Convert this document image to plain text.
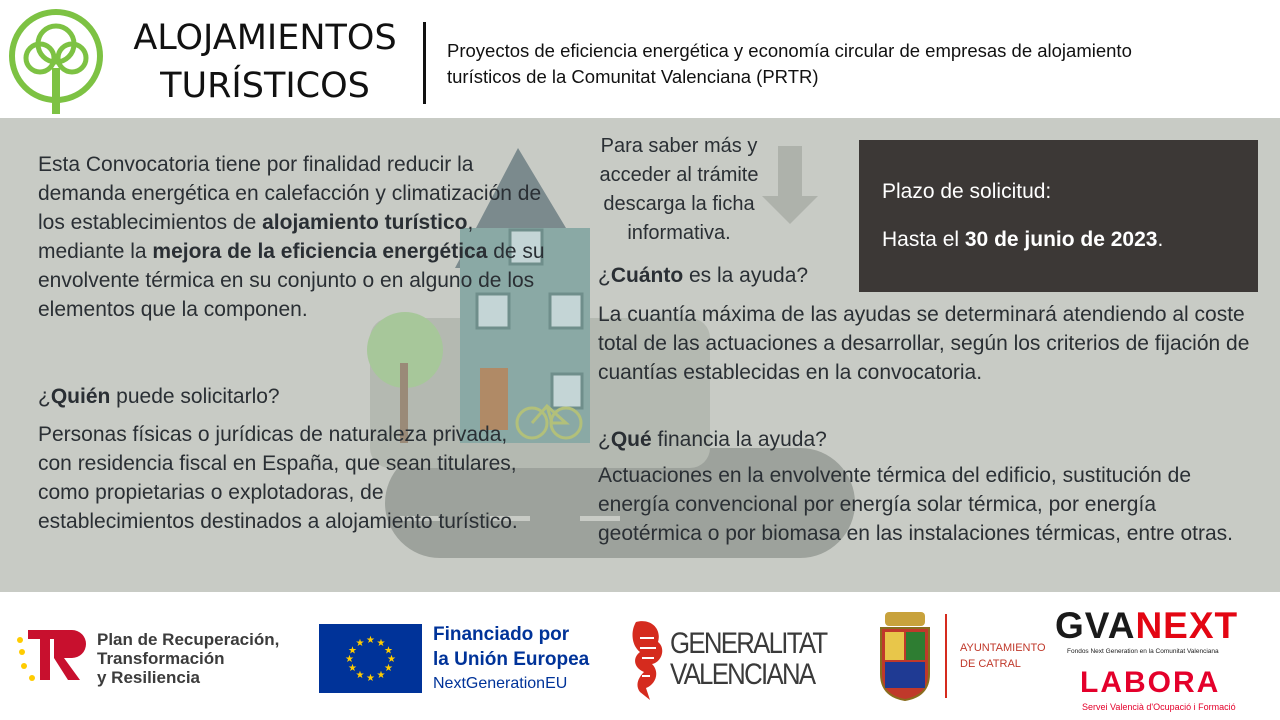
ALOJAMIENTOS
TURÍSTICOS
Proyectos de eficiencia energética y economía circular de empresas de alojamiento
turísticos de la Comunitat Valenciana (PRTR)
Esta Convocatoria tiene por finalidad reducir la demanda energética en calefacción y climatización de los establecimientos de alojamiento turístico, mediante la mejora de la eficiencia energética de su envolvente térmica en su conjunto o en alguno de los elementos que la componen.
¿Quién puede solicitarlo?
Personas físicas o jurídicas de naturaleza privada, con residencia fiscal en España, que sean titulares, como propietarias o explotadoras, de establecimientos destinados a alojamiento turístico.
Para saber más y
acceder al trámite
descarga la ficha
informativa.
Plazo de solicitud:
Hasta el 30 de junio de 2023.
¿Cuánto es la ayuda?
La cuantía máxima de las ayudas se determinará atendiendo al coste total de las actuaciones a desarrollar, según los criterios de fijación de cuantías establecidas en la convocatoria.
¿Qué financia la ayuda?
Actuaciones en la envolvente térmica del edificio, sustitución de energía convencional por energía solar térmica, por energía geotérmica o por biomasa en las instalaciones térmicas, entre otras.
Plan de Recuperación,
Transformación
y Resiliencia
★ ★
★
★
★
★
★
★
★
★
★
★	Financiado por
la Unión Europea
NextGenerationEU
GENERALITAT
VALENCIANA
AYUNTAMIENTO
DE CATRAL
GVANEXT
Fondos Next Generation en la Comunitat Valenciana
LABORA
Servei Valencià d'Ocupació i Formació
